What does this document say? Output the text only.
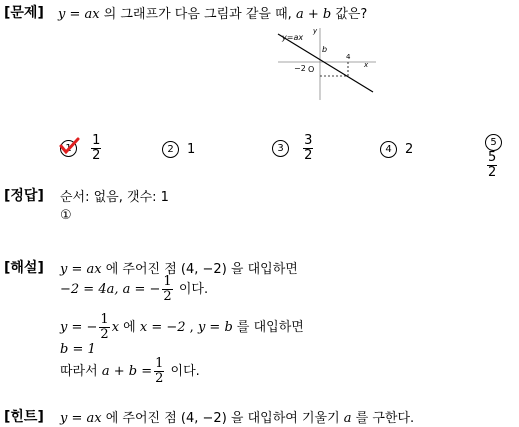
[문제] y = ax 의 그래프가 다음 그림과 같을 때, a + b 값은?
y=ax
y
x
b
4
−2 O
$1 \frac{1}{2}$	2 1	$3 \frac{3}{2}$	4 2	5
$\frac{5}{2}$
[정답] 순서: 없음, 갯수: 1
①
[해설] y = ax 에 주어진 점 (4, −2) 을 대입하면
−2 = 4a, a = − $\frac{1}{2}$ 이다.
y = − $\frac{1}{2}$ x 에 x = −2 , y = b 를 대입하면
b = 1
따라서 $a + b = \frac{1}{2}$ 이다.
[힌트] y = ax 에 주어진 점 (4, −2) 을 대입하여 기울기 a 를 구한다.
